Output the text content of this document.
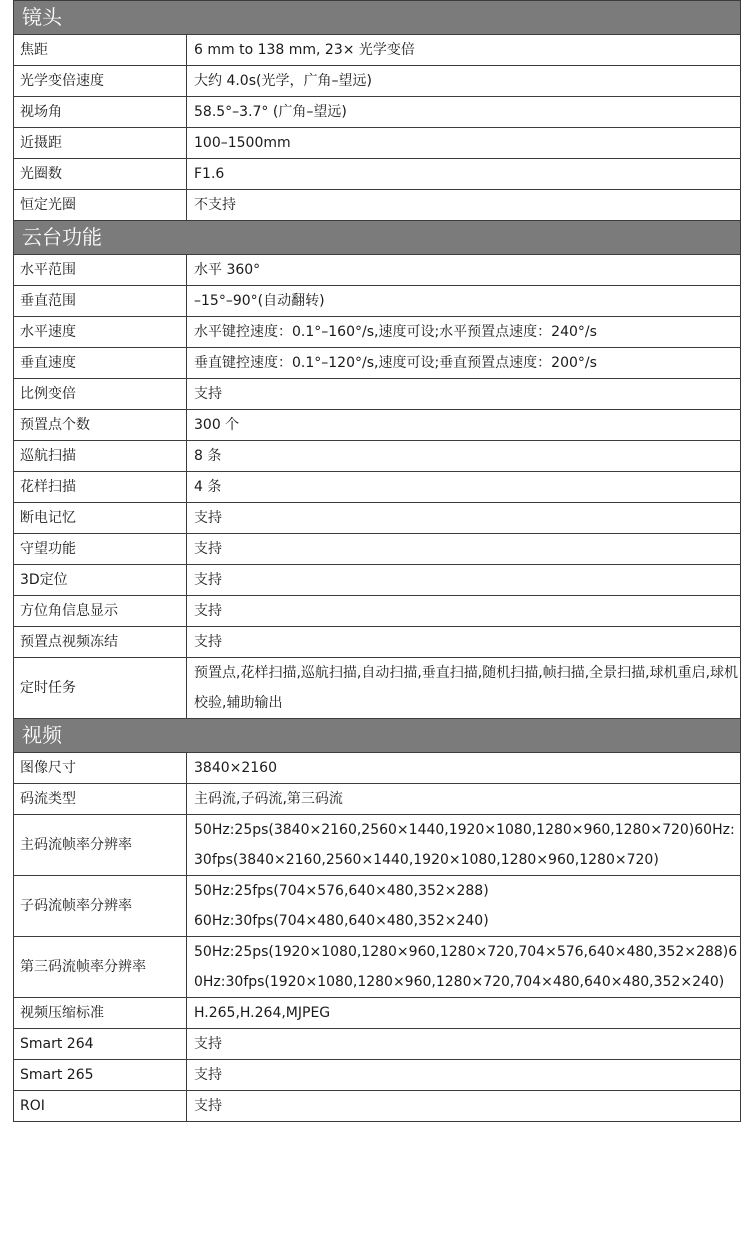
镜头	
焦距	6 mm to 138 mm, 23× 光学变倍
光学变倍速度	大约 4.0s(光学，广角–望远)
视场角	58.5°–3.7° (广角–望远)
近摄距	100–1500mm
光圈数	F1.6
恒定光圈	不支持
云台功能	
水平范围	水平 360°
垂直范围	–15°–90°(自动翻转)
水平速度	水平键控速度：0.1°–160°/s,速度可设;水平预置点速度：240°/s
垂直速度	垂直键控速度：0.1°–120°/s,速度可设;垂直预置点速度：200°/s
比例变倍	支持
预置点个数	300 个
巡航扫描	8 条
花样扫描	4 条
断电记忆	支持
守望功能	支持
3D定位	支持
方位角信息显示	支持
预置点视频冻结	支持
定时任务	预置点,花样扫描,巡航扫描,自动扫描,垂直扫描,随机扫描,帧扫描,全景扫描,球机重启,球机校验,辅助输出
视频	
图像尺寸	3840×2160
码流类型	主码流,子码流,第三码流
主码流帧率分辨率	50Hz:25ps(3840×2160,2560×1440,1920×1080,1280×960,1280×720)60Hz:30fps(3840×2160,2560×1440,1920×1080,1280×960,1280×720)
子码流帧率分辨率	50Hz:25fps(704×576,640×480,352×288)
60Hz:30fps(704×480,640×480,352×240)

第三码流帧率分辨率	50Hz:25ps(1920×1080,1280×960,1280×720,704×576,640×480,352×288)60Hz:30fps(1920×1080,1280×960,1280×720,704×480,640×480,352×240)
视频压缩标准	H.265,H.264,MJPEG
Smart 264	支持
Smart 265	支持
ROI	支持
